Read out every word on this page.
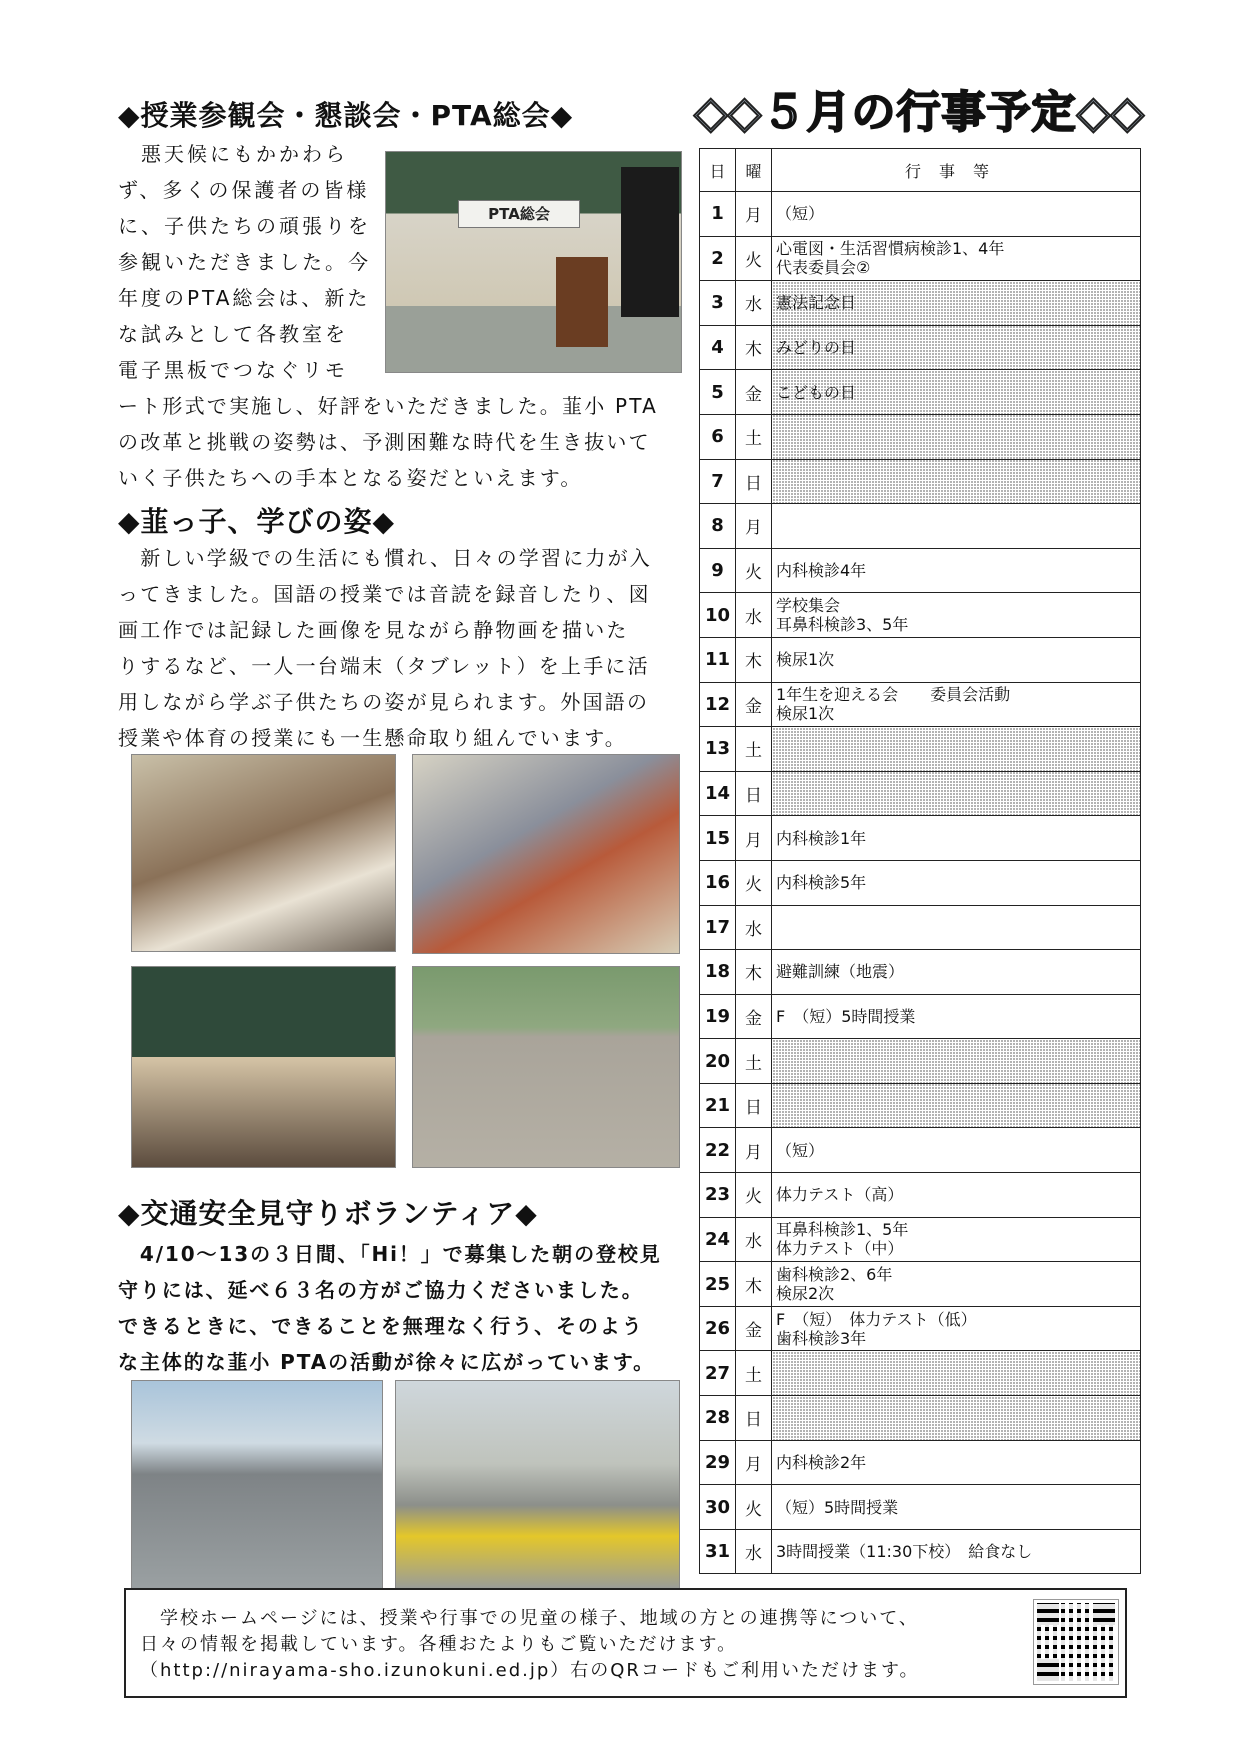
◆授業参観会・懇談会・PTA総会◆
　悪天候にもかかわら
ず、多くの保護者の皆様
に、子供たちの頑張りを
参観いただきました。今
年度のPTA総会は、新た
な試みとして各教室を
電子黒板でつなぐリモ
ート形式で実施し、好評をいただきました。韮小 PTA
の改革と挑戦の姿勢は、予測困難な時代を生き抜いて
いく子供たちへの手本となる姿だといえます。
PTA総会
◆韮っ子、学びの姿◆
　新しい学級での生活にも慣れ、日々の学習に力が入
ってきました。国語の授業では音読を録音したり、図
画工作では記録した画像を見ながら静物画を描いた
りするなど、一人一台端末（タブレット）を上手に活
用しながら学ぶ子供たちの姿が見られます。外国語の
授業や体育の授業にも一生懸命取り組んでいます。
◆交通安全見守りボランティア◆
　4/10～13の３日間、「Hi！」で募集した朝の登校見
守りには、延べ６３名の方がご協力くださいました。
できるときに、できることを無理なく行う、そのよう
な主体的な韮小 PTAの活動が徐々に広がっています。
◇◇ ５月の行事予定 ◇◇
日	曜	行事等
1	月	（短）

2	火	心電図・生活習慣病検診1、4年
代表委員会②

3	水	憲法記念日

4	木	みどりの日

5	金	こどもの日

6	土	
7	日	
8	月	
9	火	内科検診4年

10	水	学校集会
耳鼻科検診3、5年

11	木	検尿1次

12	金	1年生を迎える会　　委員会活動
検尿1次

13	土	
14	日	
15	月	内科検診1年

16	火	内科検診5年

17	水	
18	木	避難訓練（地震）

19	金	F　（短）5時間授業

20	土	
21	日	
22	月	（短）

23	火	体力テスト（高）

24	水	耳鼻科検診1、5年
体力テスト（中）

25	木	歯科検診2、6年
検尿2次

26	金	F　（短）　体力テスト（低）
歯科検診3年

27	土	
28	日	
29	月	内科検診2年

30	火	（短）5時間授業

31	水	3時間授業（11:30下校）　給食なし
　学校ホームページには、授業や行事での児童の様子、地域の方との連携等について、
日々の情報を掲載しています。各種おたよりもご覧いただけます。
（http://nirayama-sho.izunokuni.ed.jp）右のQRコードもご利用いただけます。
